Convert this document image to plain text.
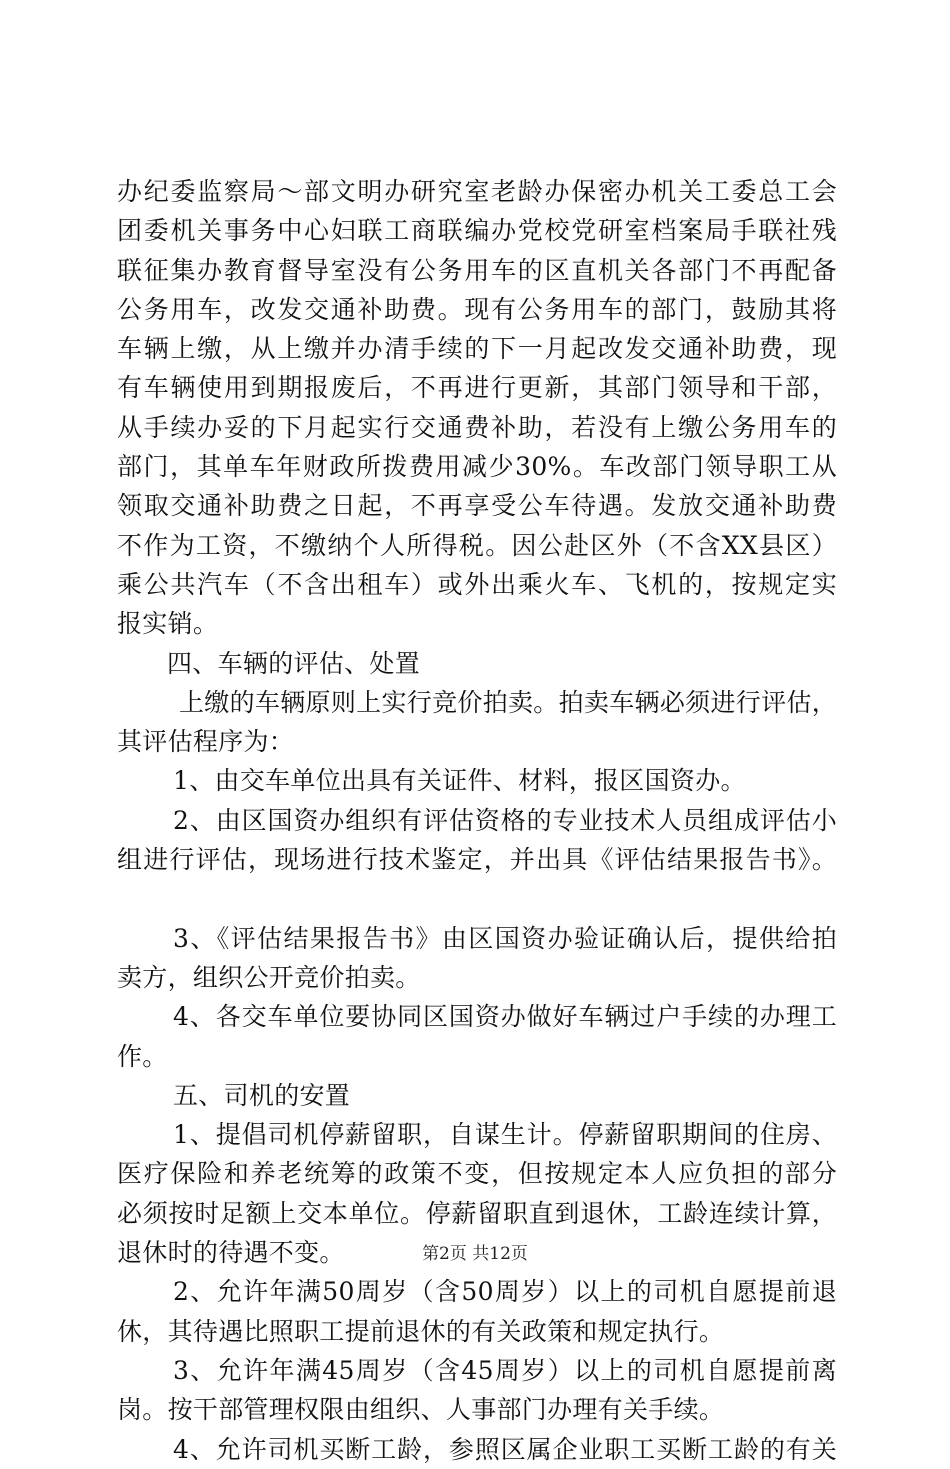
办纪委监察局～部文明办研究室老龄办保密办机关工委总工会
团委机关事务中心妇联工商联编办党校党研室档案局手联社残
联征集办教育督导室没有公务用车的区直机关各部门不再配备
公务用车，改发交通补助费。现有公务用车的部门，鼓励其将
车辆上缴，从上缴并办清手续的下一月起改发交通补助费，现
有车辆使用到期报废后，不再进行更新，其部门领导和干部，
从手续办妥的下月起实行交通费补助，若没有上缴公务用车的
部门，其单车年财政所拨费用减少30%。车改部门领导职工从
领取交通补助费之日起，不再享受公车待遇。发放交通补助费
不作为工资，不缴纳个人所得税。因公赴区外（不含XX县区）
乘公共汽车（不含出租车）或外出乘火车、飞机的，按规定实
报实销。
四、车辆的评估、处置
上缴的车辆原则上实行竞价拍卖。拍卖车辆必须进行评估，
其评估程序为：
1、由交车单位出具有关证件、材料，报区国资办。
2、由区国资办组织有评估资格的专业技术人员组成评估小
组进行评估，现场进行技术鉴定，并出具《评估结果报告书》。
3、《评估结果报告书》由区国资办验证确认后，提供给拍
卖方，组织公开竞价拍卖。
4、各交车单位要协同区国资办做好车辆过户手续的办理工
作。
五、司机的安置
1、提倡司机停薪留职，自谋生计。停薪留职期间的住房、
医疗保险和养老统筹的政策不变，但按规定本人应负担的部分
必须按时足额上交本单位。停薪留职直到退休，工龄连续计算，
退休时的待遇不变。
2、允许年满50周岁（含50周岁）以上的司机自愿提前退
休，其待遇比照职工提前退休的有关政策和规定执行。
3、允许年满45周岁（含45周岁）以上的司机自愿提前离
岗。按干部管理权限由组织、人事部门办理有关手续。
4、允许司机买断工龄，参照区属企业职工买断工龄的有关
第2页 共12页
